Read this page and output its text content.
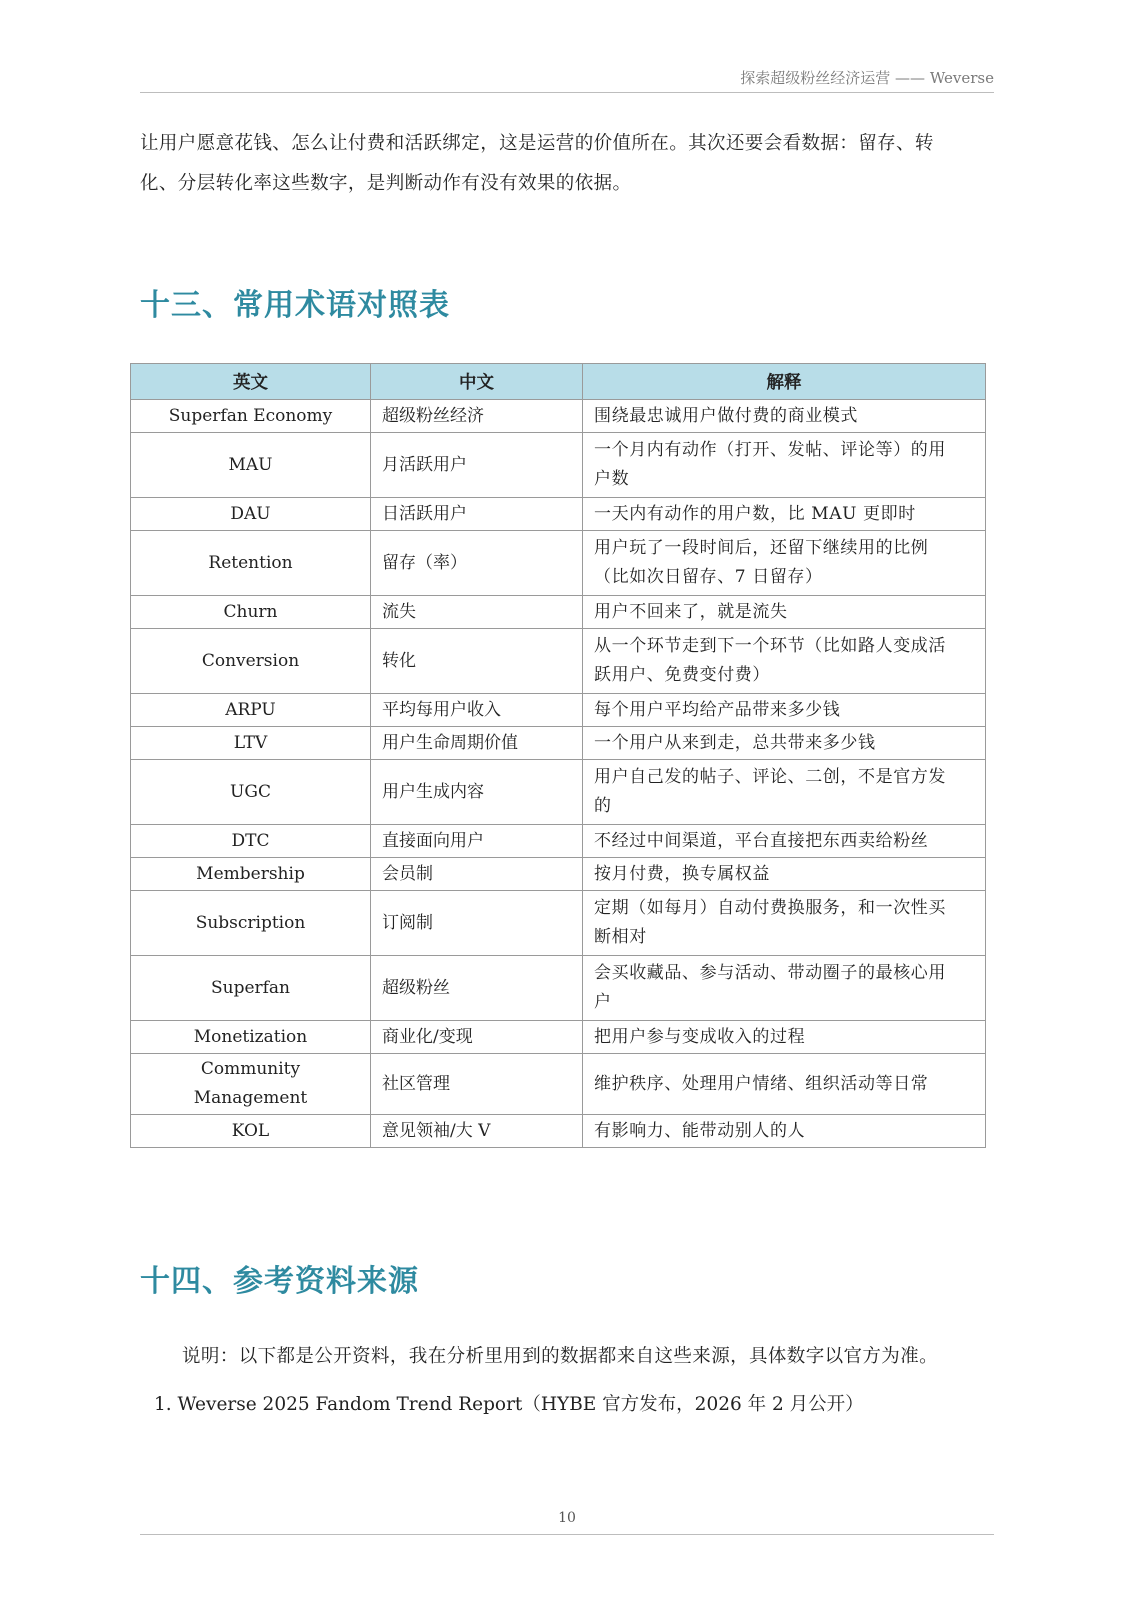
探索超级粉丝经济运营 —— Weverse
让用户愿意花钱、怎么让付费和活跃绑定，这是运营的价值所在。其次还要会看数据：留存、转
化、分层转化率这些数字，是判断动作有没有效果的依据。
十三、常用术语对照表
英文	中文	解释
Superfan Economy	超级粉丝经济	围绕最忠诚用户做付费的商业模式

MAU	月活跃用户	一个月内有动作（打开、发帖、评论等）的用
户数

DAU	日活跃用户	一天内有动作的用户数，比 MAU 更即时

Retention	留存（率）	用户玩了一段时间后，还留下继续用的比例
（比如次日留存、7 日留存）

Churn	流失	用户不回来了，就是流失

Conversion	转化	从一个环节走到下一个环节（比如路人变成活
跃用户、免费变付费）

ARPU	平均每用户收入	每个用户平均给产品带来多少钱

LTV	用户生命周期价值	一个用户从来到走，总共带来多少钱

UGC	用户生成内容	用户自己发的帖子、评论、二创，不是官方发
的

DTC	直接面向用户	不经过中间渠道，平台直接把东西卖给粉丝

Membership	会员制	按月付费，换专属权益

Subscription	订阅制	定期（如每月）自动付费换服务，和一次性买
断相对

Superfan	超级粉丝	会买收藏品、参与活动、带动圈子的最核心用
户

Monetization	商业化/变现	把用户参与变成收入的过程

Community Management	社区管理	维护秩序、处理用户情绪、组织活动等日常

KOL	意见领袖/大 V	有影响力、能带动别人的人
十四、参考资料来源
说明：以下都是公开资料，我在分析里用到的数据都来自这些来源，具体数字以官方为准。
1. Weverse 2025 Fandom Trend Report（HYBE 官方发布，2026 年 2 月公开）
10
